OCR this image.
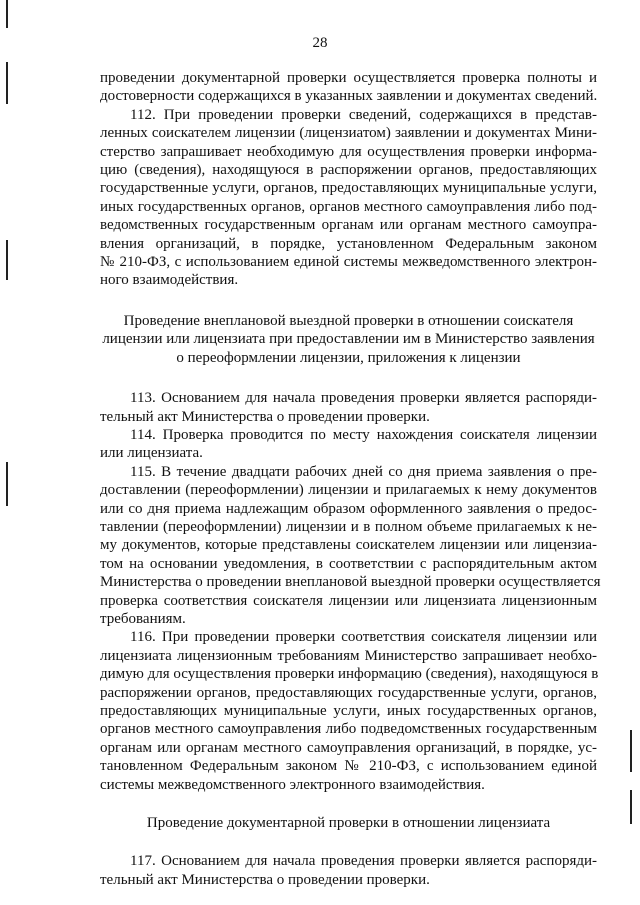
28
проведении документарной проверки осуществляется проверка полноты и
достоверности содержащихся в указанных заявлении и документах сведений.
112. При проведении проверки сведений, содержащихся в представ-
ленных соискателем лицензии (лицензиатом) заявлении и документах Мини-
стерство запрашивает необходимую для осуществления проверки информа-
цию (сведения), находящуюся в распоряжении органов, предоставляющих
государственные услуги, органов, предоставляющих муниципальные услуги,
иных государственных органов, органов местного самоуправления либо под-
ведомственных государственным органам или органам местного самоупра-
вления организаций, в порядке, установленном Федеральным законом
№ 210-ФЗ, с использованием единой системы межведомственного электрон-
ного взаимодействия.
Проведение внеплановой выездной проверки в отношении соискателя
лицензии или лицензиата при предоставлении им в Министерство заявления
о переоформлении лицензии, приложения к лицензии
113. Основанием для начала проведения проверки является распоряди-
тельный акт Министерства о проведении проверки.
114. Проверка проводится по месту нахождения соискателя лицензии
или лицензиата.
115. В течение двадцати рабочих дней со дня приема заявления о пре-
доставлении (переоформлении) лицензии и прилагаемых к нему документов
или со дня приема надлежащим образом оформленного заявления о предос-
тавлении (переоформлении) лицензии и в полном объеме прилагаемых к не-
му документов, которые представлены соискателем лицензии или лицензиа-
том на основании уведомления, в соответствии с распорядительным актом
Министерства о проведении внеплановой выездной проверки осуществляется
проверка соответствия соискателя лицензии или лицензиата лицензионным
требованиям.
116. При проведении проверки соответствия соискателя лицензии или
лицензиата лицензионным требованиям Министерство запрашивает необхо-
димую для осуществления проверки информацию (сведения), находящуюся в
распоряжении органов, предоставляющих государственные услуги, органов,
предоставляющих муниципальные услуги, иных государственных органов,
органов местного самоуправления либо подведомственных государственным
органам или органам местного самоуправления организаций, в порядке, ус-
тановленном Федеральным законом № 210-ФЗ, с использованием единой
системы межведомственного электронного взаимодействия.
Проведение документарной проверки в отношении лицензиата
117. Основанием для начала проведения проверки является распоряди-
тельный акт Министерства о проведении проверки.
